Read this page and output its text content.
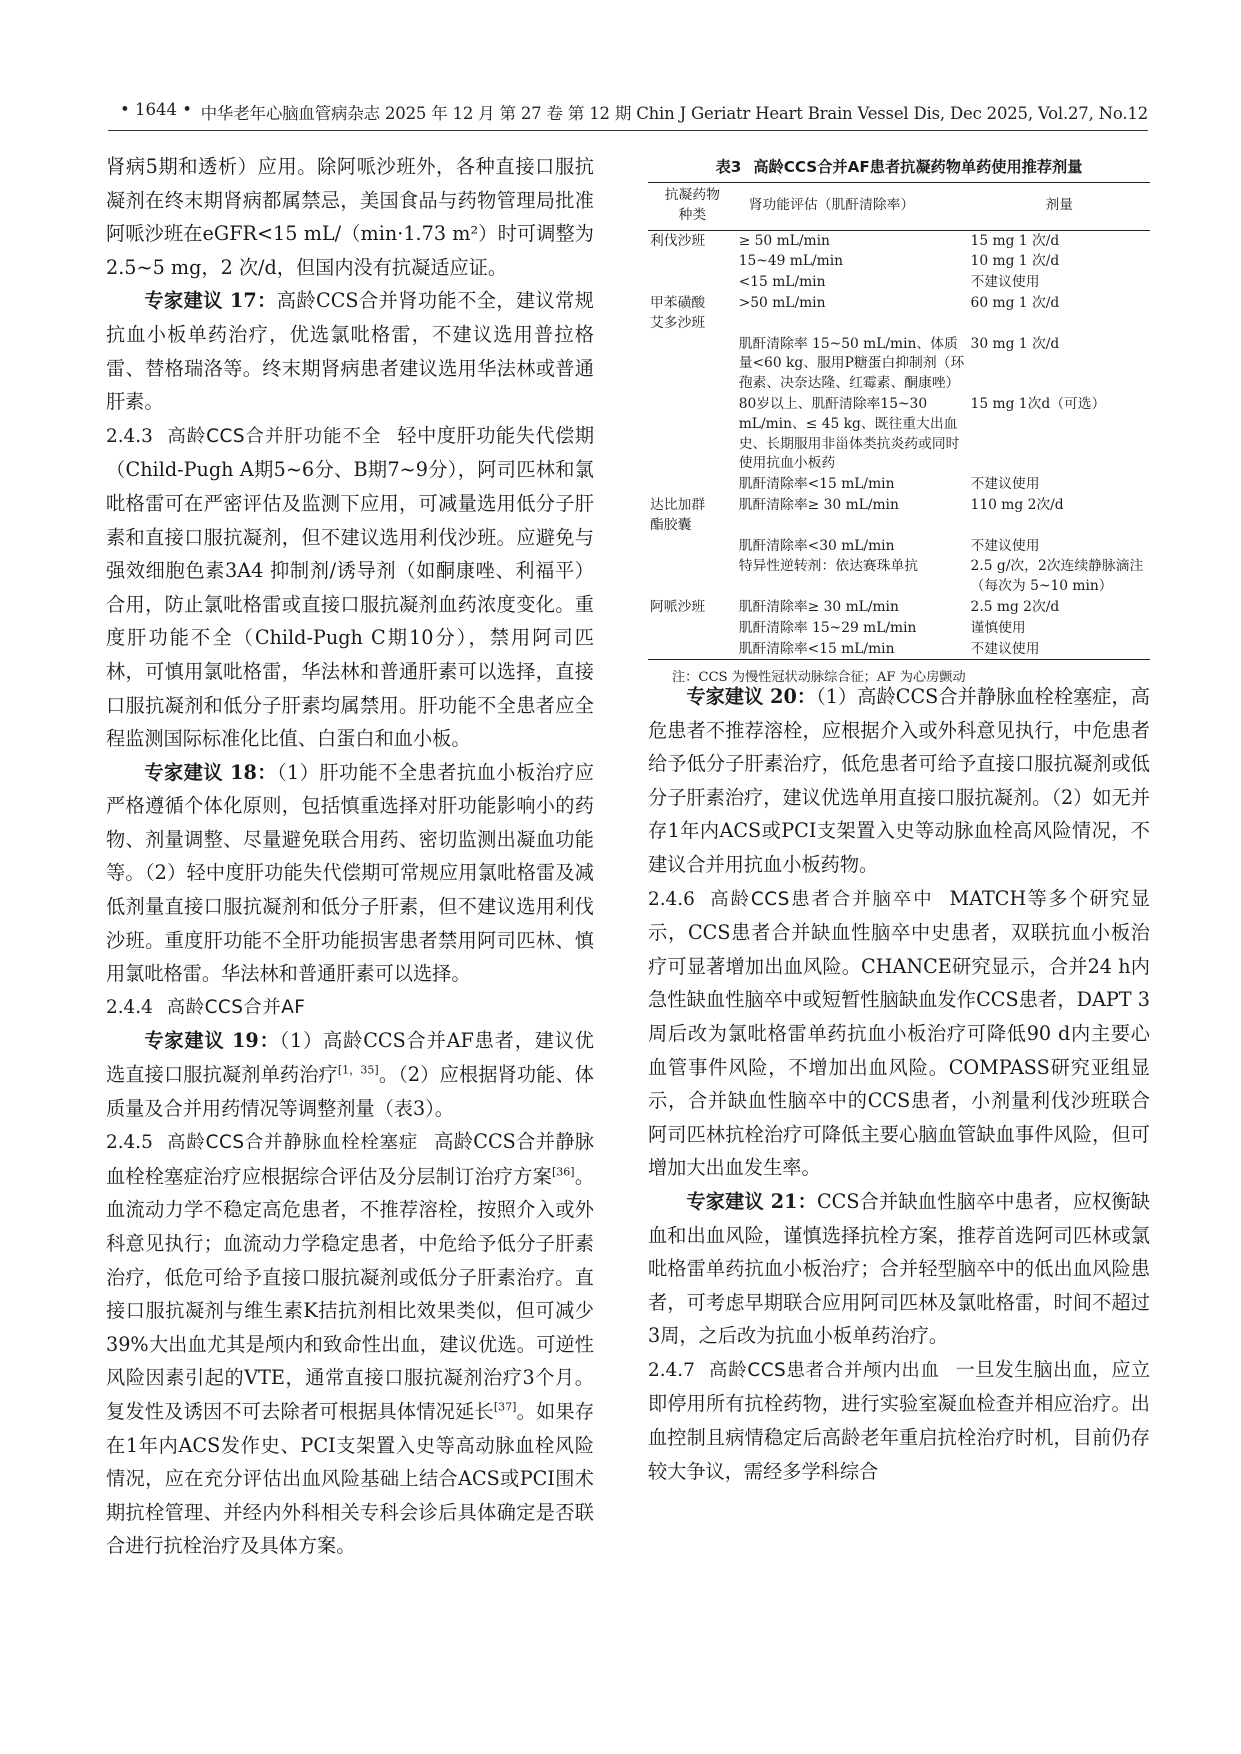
• 1644 • 中华老年心脑血管病杂志 2025 年 12 月 第 27 卷 第 12 期 Chin J Geriatr Heart Brain Vessel Dis, Dec 2025, Vol.27, No.12

肾病5期和透析）应用。除阿哌沙班外，各种直接口服抗凝剂在终末期肾病都属禁忌，美国食品与药物管理局批准阿哌沙班在eGFR<15 mL/（min·1.73 m²）时可调整为2.5~5 mg，2 次/d，但国内没有抗凝适应证。

专家建议 17：高龄CCS合并肾功能不全，建议常规抗血小板单药治疗，优选氯吡格雷，不建议选用普拉格雷、替格瑞洛等。终末期肾病患者建议选用华法林或普通肝素。

2.4.3 高龄CCS合并肝功能不全 轻中度肝功能失代偿期（Child-Pugh A期5~6分、B期7~9分），阿司匹林和氯吡格雷可在严密评估及监测下应用，可减量选用低分子肝素和直接口服抗凝剂，但不建议选用利伐沙班。应避免与强效细胞色素3A4 抑制剂/诱导剂（如酮康唑、利福平）合用，防止氯吡格雷或直接口服抗凝剂血药浓度变化。重度肝功能不全（Child-Pugh C期10分），禁用阿司匹林，可慎用氯吡格雷，华法林和普通肝素可以选择，直接口服抗凝剂和低分子肝素均属禁用。肝功能不全患者应全程监测国际标准化比值、白蛋白和血小板。

专家建议 18：（1）肝功能不全患者抗血小板治疗应严格遵循个体化原则，包括慎重选择对肝功能影响小的药物、剂量调整、尽量避免联合用药、密切监测出凝血功能等。（2）轻中度肝功能失代偿期可常规应用氯吡格雷及减低剂量直接口服抗凝剂和低分子肝素，但不建议选用利伐沙班。重度肝功能不全肝功能损害患者禁用阿司匹林、慎用氯吡格雷。华法林和普通肝素可以选择。

2.4.4 高龄CCS合并AF

专家建议 19：（1）高龄CCS合并AF患者，建议优选直接口服抗凝剂单药治疗[1，35]。（2）应根据肾功能、体质量及合并用药情况等调整剂量（表3）。

2.4.5 高龄CCS合并静脉血栓栓塞症 高龄CCS合并静脉血栓栓塞症治疗应根据综合评估及分层制订治疗方案[36]。血流动力学不稳定高危患者，不推荐溶栓，按照介入或外科意见执行；血流动力学稳定患者，中危给予低分子肝素治疗，低危可给予直接口服抗凝剂或低分子肝素治疗。直接口服抗凝剂与维生素K拮抗剂相比效果类似，但可减少39%大出血尤其是颅内和致命性出血，建议优选。可逆性风险因素引起的VTE，通常直接口服抗凝剂治疗3个月。复发性及诱因不可去除者可根据具体情况延长[37]。如果存在1年内ACS发作史、PCI支架置入史等高动脉血栓风险情况，应在充分评估出血风险基础上结合ACS或PCI围术期抗栓管理、并经内外科相关专科会诊后具体确定是否联合进行抗栓治疗及具体方案。

表3 高龄CCS合并AF患者抗凝药物单药使用推荐剂量
抗凝药物
种类	肾功能评估（肌酐清除率）	剂量
利伐沙班	≥ 50 mL/min	15 mg 1 次/d
	15~49 mL/min	10 mg 1 次/d
	<15 mL/min	不建议使用
甲苯磺酸
艾多沙班	>50 mL/min	60 mg 1 次/d
	肌酐清除率 15~50 mL/min、体质量<60 kg、服用P糖蛋白抑制剂（环孢素、决奈达隆、红霉素、酮康唑）	30 mg 1 次/d
	80岁以上、肌酐清除率15~30 mL/min、≤ 45 kg、既往重大出血史、长期服用非甾体类抗炎药或同时使用抗血小板药	15 mg 1次d（可选）
	肌酐清除率<15 mL/min	不建议使用
达比加群
酯胶囊	肌酐清除率≥ 30 mL/min	110 mg 2次/d
	肌酐清除率<30 mL/min	不建议使用
	特异性逆转剂：依达赛珠单抗	2.5 g/次，2次连续静脉滴注（每次为 5~10 min）
阿哌沙班	肌酐清除率≥ 30 mL/min	2.5 mg 2次/d
	肌酐清除率 15~29 mL/min	谨慎使用
	肌酐清除率<15 mL/min	不建议使用
注：CCS 为慢性冠状动脉综合征；AF 为心房颤动

专家建议 20：（1）高龄CCS合并静脉血栓栓塞症，高危患者不推荐溶栓，应根据介入或外科意见执行，中危患者给予低分子肝素治疗，低危患者可给予直接口服抗凝剂或低分子肝素治疗，建议优选单用直接口服抗凝剂。（2）如无并存1年内ACS或PCI支架置入史等动脉血栓高风险情况，不建议合并用抗血小板药物。

2.4.6 高龄CCS患者合并脑卒中 MATCH等多个研究显示，CCS患者合并缺血性脑卒中史患者，双联抗血小板治疗可显著增加出血风险。CHANCE研究显示，合并24 h内急性缺血性脑卒中或短暂性脑缺血发作CCS患者，DAPT 3周后改为氯吡格雷单药抗血小板治疗可降低90 d内主要心血管事件风险，不增加出血风险。COMPASS研究亚组显示，合并缺血性脑卒中的CCS患者，小剂量利伐沙班联合阿司匹林抗栓治疗可降低主要心脑血管缺血事件风险，但可增加大出血发生率。

专家建议 21：CCS合并缺血性脑卒中患者，应权衡缺血和出血风险，谨慎选择抗栓方案，推荐首选阿司匹林或氯吡格雷单药抗血小板治疗；合并轻型脑卒中的低出血风险患者，可考虑早期联合应用阿司匹林及氯吡格雷，时间不超过3周，之后改为抗血小板单药治疗。

2.4.7 高龄CCS患者合并颅内出血 一旦发生脑出血，应立即停用所有抗栓药物，进行实验室凝血检查并相应治疗。出血控制且病情稳定后高龄老年重启抗栓治疗时机，目前仍存较大争议，需经多学科综合
